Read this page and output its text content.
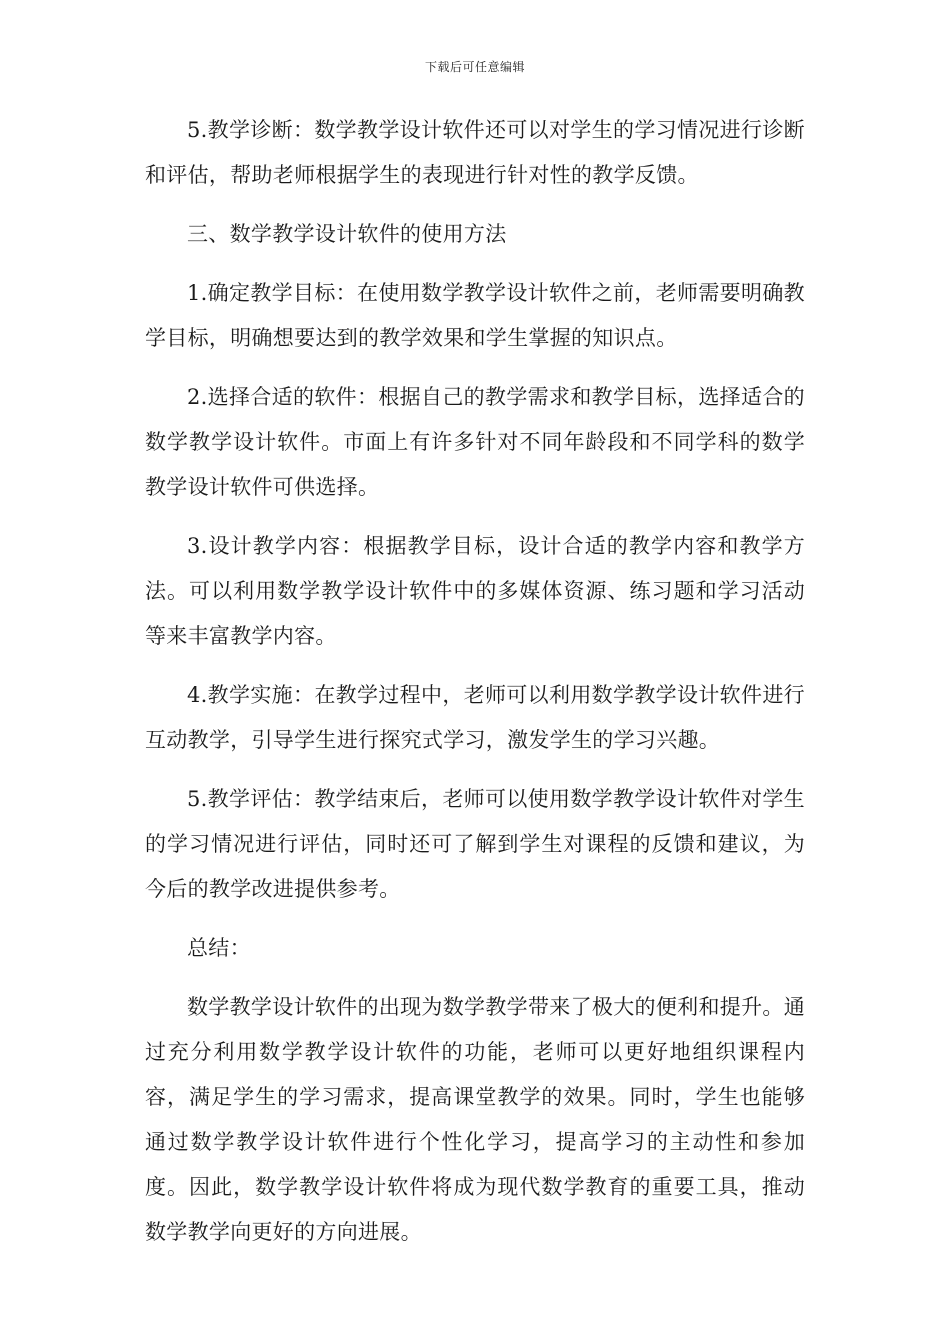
下载后可任意编辑

5.教学诊断：数学教学设计软件还可以对学生的学习情况进行诊断和评估，帮助老师根据学生的表现进行针对性的教学反馈。

三、数学教学设计软件的使用方法

1.确定教学目标：在使用数学教学设计软件之前，老师需要明确教学目标，明确想要达到的教学效果和学生掌握的知识点。

2.选择合适的软件：根据自己的教学需求和教学目标，选择适合的数学教学设计软件。市面上有许多针对不同年龄段和不同学科的数学教学设计软件可供选择。

3.设计教学内容：根据教学目标，设计合适的教学内容和教学方法。可以利用数学教学设计软件中的多媒体资源、练习题和学习活动等来丰富教学内容。

4.教学实施：在教学过程中，老师可以利用数学教学设计软件进行互动教学，引导学生进行探究式学习，激发学生的学习兴趣。

5.教学评估：教学结束后，老师可以使用数学教学设计软件对学生的学习情况进行评估，同时还可了解到学生对课程的反馈和建议，为今后的教学改进提供参考。

总结：

数学教学设计软件的出现为数学教学带来了极大的便利和提升。通过充分利用数学教学设计软件的功能，老师可以更好地组织课程内容，满足学生的学习需求，提高课堂教学的效果。同时，学生也能够通过数学教学设计软件进行个性化学习，提高学习的主动性和参加度。因此，数学教学设计软件将成为现代数学教育的重要工具，推动数学教学向更好的方向进展。
